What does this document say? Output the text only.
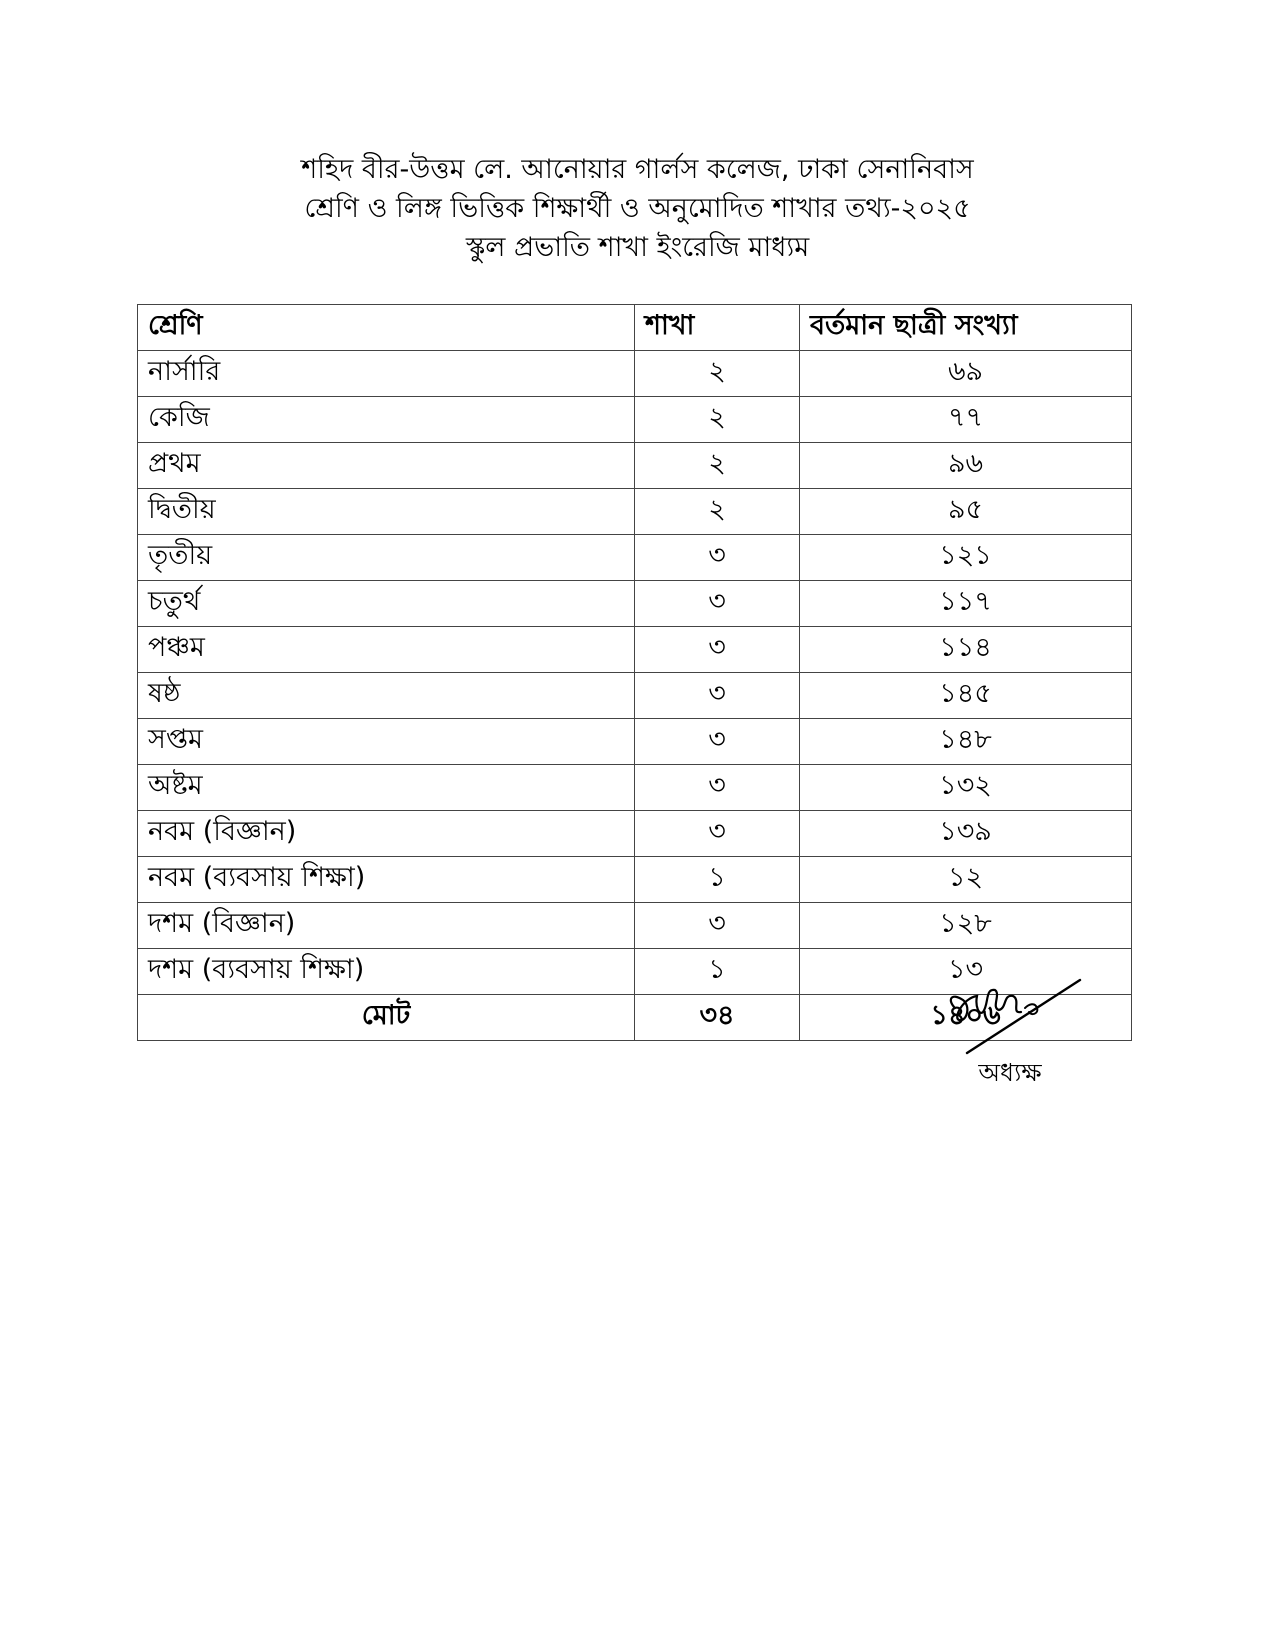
শহিদ বীর-উত্তম লে. আনোয়ার গার্লস কলেজ, ঢাকা সেনানিবাস
শ্রেণি ও লিঙ্গ ভিত্তিক শিক্ষার্থী ও অনুমোদিত শাখার তথ্য-২০২৫
স্কুল প্রভাতি শাখা ইংরেজি মাধ্যম
শ্রেণি	শাখা	বর্তমান ছাত্রী সংখ্যা
নার্সারি	২	৬৯
কেজি	২	৭৭
প্রথম	২	৯৬
দ্বিতীয়	২	৯৫
তৃতীয়	৩	১২১
চতুর্থ	৩	১১৭
পঞ্চম	৩	১১৪
ষষ্ঠ	৩	১৪৫
সপ্তম	৩	১৪৮
অষ্টম	৩	১৩২
নবম (বিজ্ঞান)	৩	১৩৯
নবম (ব্যবসায় শিক্ষা)	১	১২
দশম (বিজ্ঞান)	৩	১২৮
দশম (ব্যবসায় শিক্ষা)	১	১৩
মোট	৩৪	১৪০৬
অধ্যক্ষ
